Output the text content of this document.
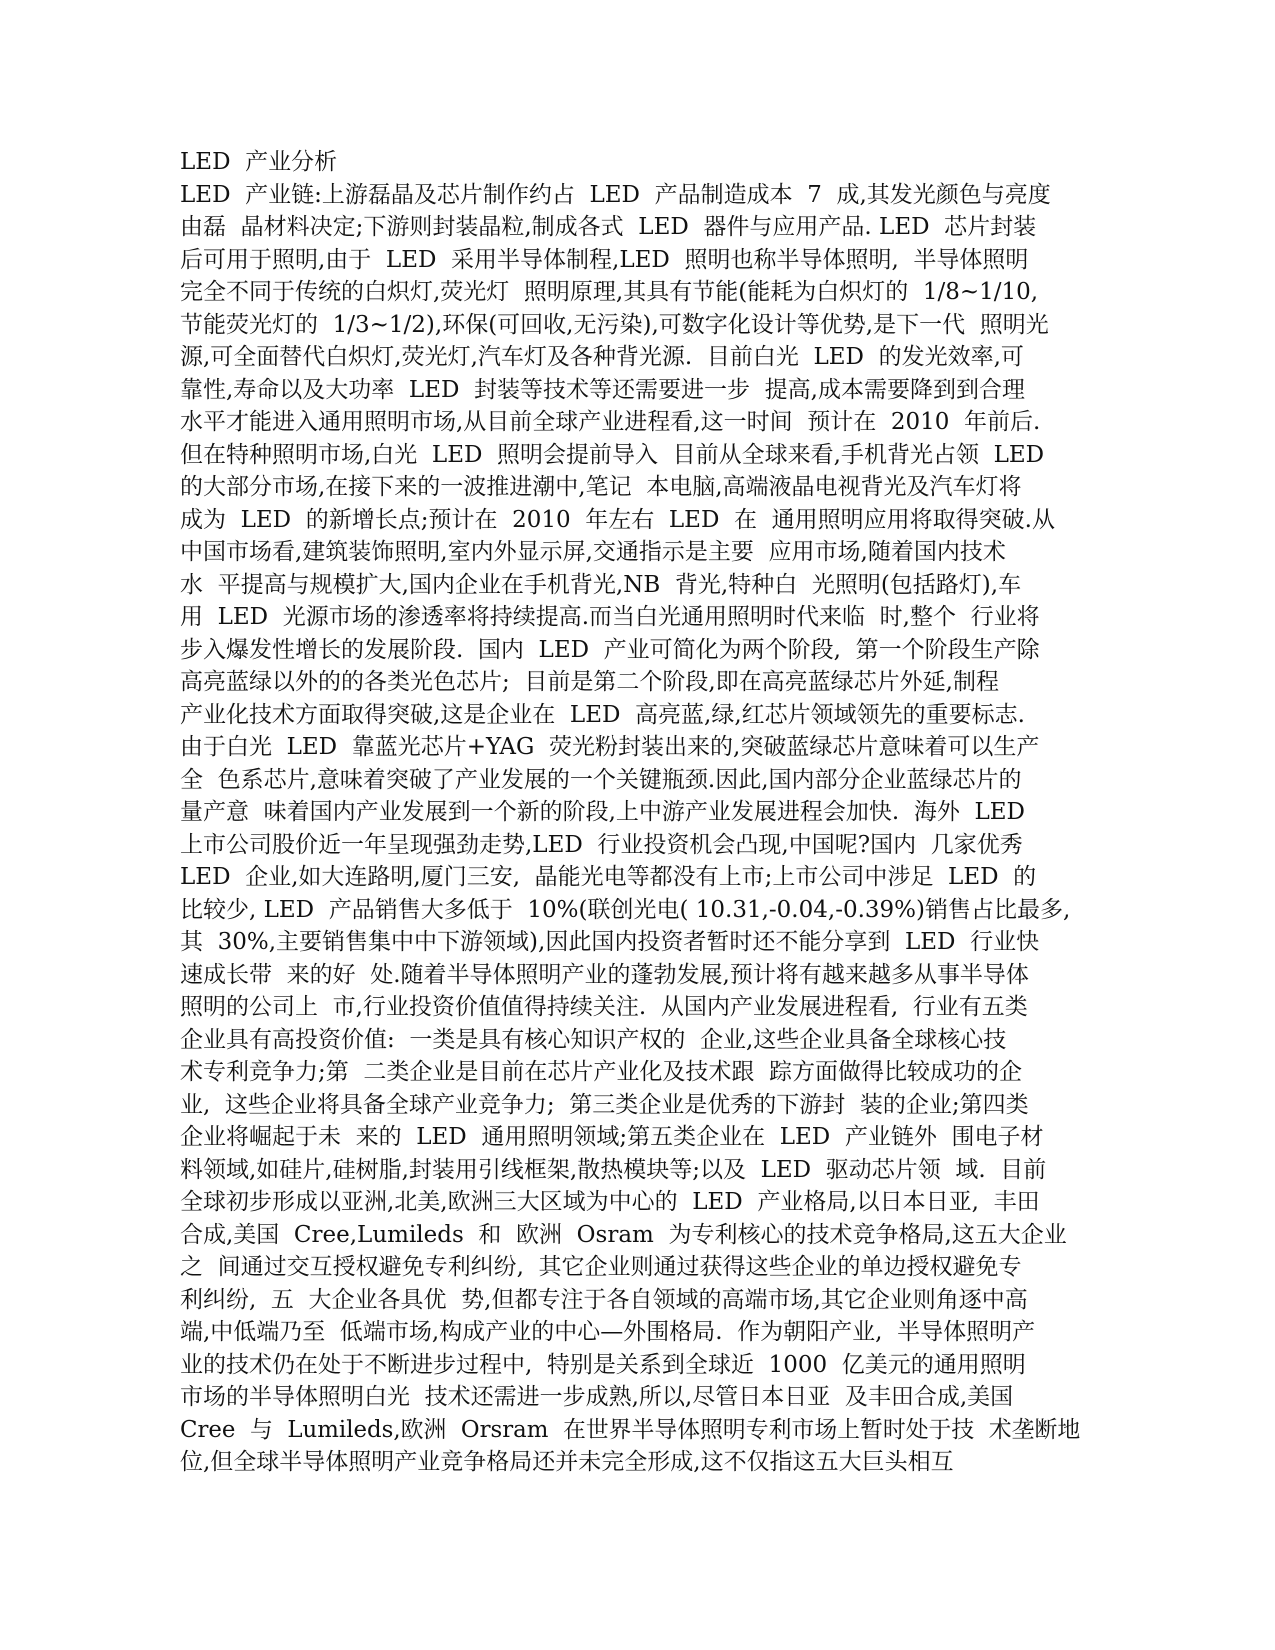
LED  产业分析
LED  产业链:上游磊晶及芯片制作约占  LED  产品制造成本  7  成,其发光颜色与亮度
由磊  晶材料决定;下游则封装晶粒,制成各式  LED  器件与应用产品. LED  芯片封装
后可用于照明,由于  LED  采用半导体制程,LED  照明也称半导体照明,  半导体照明
完全不同于传统的白炽灯,荧光灯  照明原理,其具有节能(能耗为白炽灯的  1/8~1/10,
节能荧光灯的  1/3~1/2),环保(可回收,无污染),可数字化设计等优势,是下一代  照明光
源,可全面替代白炽灯,荧光灯,汽车灯及各种背光源.  目前白光  LED  的发光效率,可
靠性,寿命以及大功率  LED  封装等技术等还需要进一步  提高,成本需要降到到合理
水平才能进入通用照明市场,从目前全球产业进程看,这一时间  预计在  2010  年前后.
但在特种照明市场,白光  LED  照明会提前导入  目前从全球来看,手机背光占领  LED
的大部分市场,在接下来的一波推进潮中,笔记  本电脑,高端液晶电视背光及汽车灯将
成为  LED  的新增长点;预计在  2010  年左右  LED  在  通用照明应用将取得突破.从
中国市场看,建筑装饰照明,室内外显示屏,交通指示是主要  应用市场,随着国内技术
水  平提高与规模扩大,国内企业在手机背光,NB  背光,特种白  光照明(包括路灯),车
用  LED  光源市场的渗透率将持续提高.而当白光通用照明时代来临  时,整个  行业将
步入爆发性增长的发展阶段.  国内  LED  产业可简化为两个阶段,  第一个阶段生产除
高亮蓝绿以外的的各类光色芯片;  目前是第二个阶段,即在高亮蓝绿芯片外延,制程
产业化技术方面取得突破,这是企业在  LED  高亮蓝,绿,红芯片领域领先的重要标志.
由于白光  LED  靠蓝光芯片+YAG  荧光粉封装出来的,突破蓝绿芯片意味着可以生产
全  色系芯片,意味着突破了产业发展的一个关键瓶颈.因此,国内部分企业蓝绿芯片的
量产意  味着国内产业发展到一个新的阶段,上中游产业发展进程会加快.  海外  LED
上市公司股价近一年呈现强劲走势,LED  行业投资机会凸现,中国呢?国内  几家优秀
LED  企业,如大连路明,厦门三安,  晶能光电等都没有上市;上市公司中涉足  LED  的
比较少, LED  产品销售大多低于  10%(联创光电( 10.31,-0.04,-0.39%)销售占比最多,
其  30%,主要销售集中中下游领域),因此国内投资者暂时还不能分享到  LED  行业快
速成长带  来的好  处.随着半导体照明产业的蓬勃发展,预计将有越来越多从事半导体
照明的公司上  市,行业投资价值值得持续关注.  从国内产业发展进程看,  行业有五类
企业具有高投资价值:  一类是具有核心知识产权的  企业,这些企业具备全球核心技
术专利竞争力;第  二类企业是目前在芯片产业化及技术跟  踪方面做得比较成功的企
业,  这些企业将具备全球产业竞争力;  第三类企业是优秀的下游封  装的企业;第四类
企业将崛起于未  来的  LED  通用照明领域;第五类企业在  LED  产业链外  围电子材
料领域,如硅片,硅树脂,封装用引线框架,散热模块等;以及  LED  驱动芯片领  域.  目前
全球初步形成以亚洲,北美,欧洲三大区域为中心的  LED  产业格局,以日本日亚,  丰田
合成,美国  Cree,Lumileds  和  欧洲  Osram  为专利核心的技术竞争格局,这五大企业
之  间通过交互授权避免专利纠纷,  其它企业则通过获得这些企业的单边授权避免专
利纠纷,  五  大企业各具优  势,但都专注于各自领域的高端市场,其它企业则角逐中高
端,中低端乃至  低端市场,构成产业的中心—外围格局.  作为朝阳产业,  半导体照明产
业的技术仍在处于不断进步过程中,  特别是关系到全球近  1000  亿美元的通用照明
市场的半导体照明白光  技术还需进一步成熟,所以,尽管日本日亚  及丰田合成,美国
Cree  与  Lumileds,欧洲  Orsram  在世界半导体照明专利市场上暂时处于技  术垄断地
位,但全球半导体照明产业竞争格局还并未完全形成,这不仅指这五大巨头相互
